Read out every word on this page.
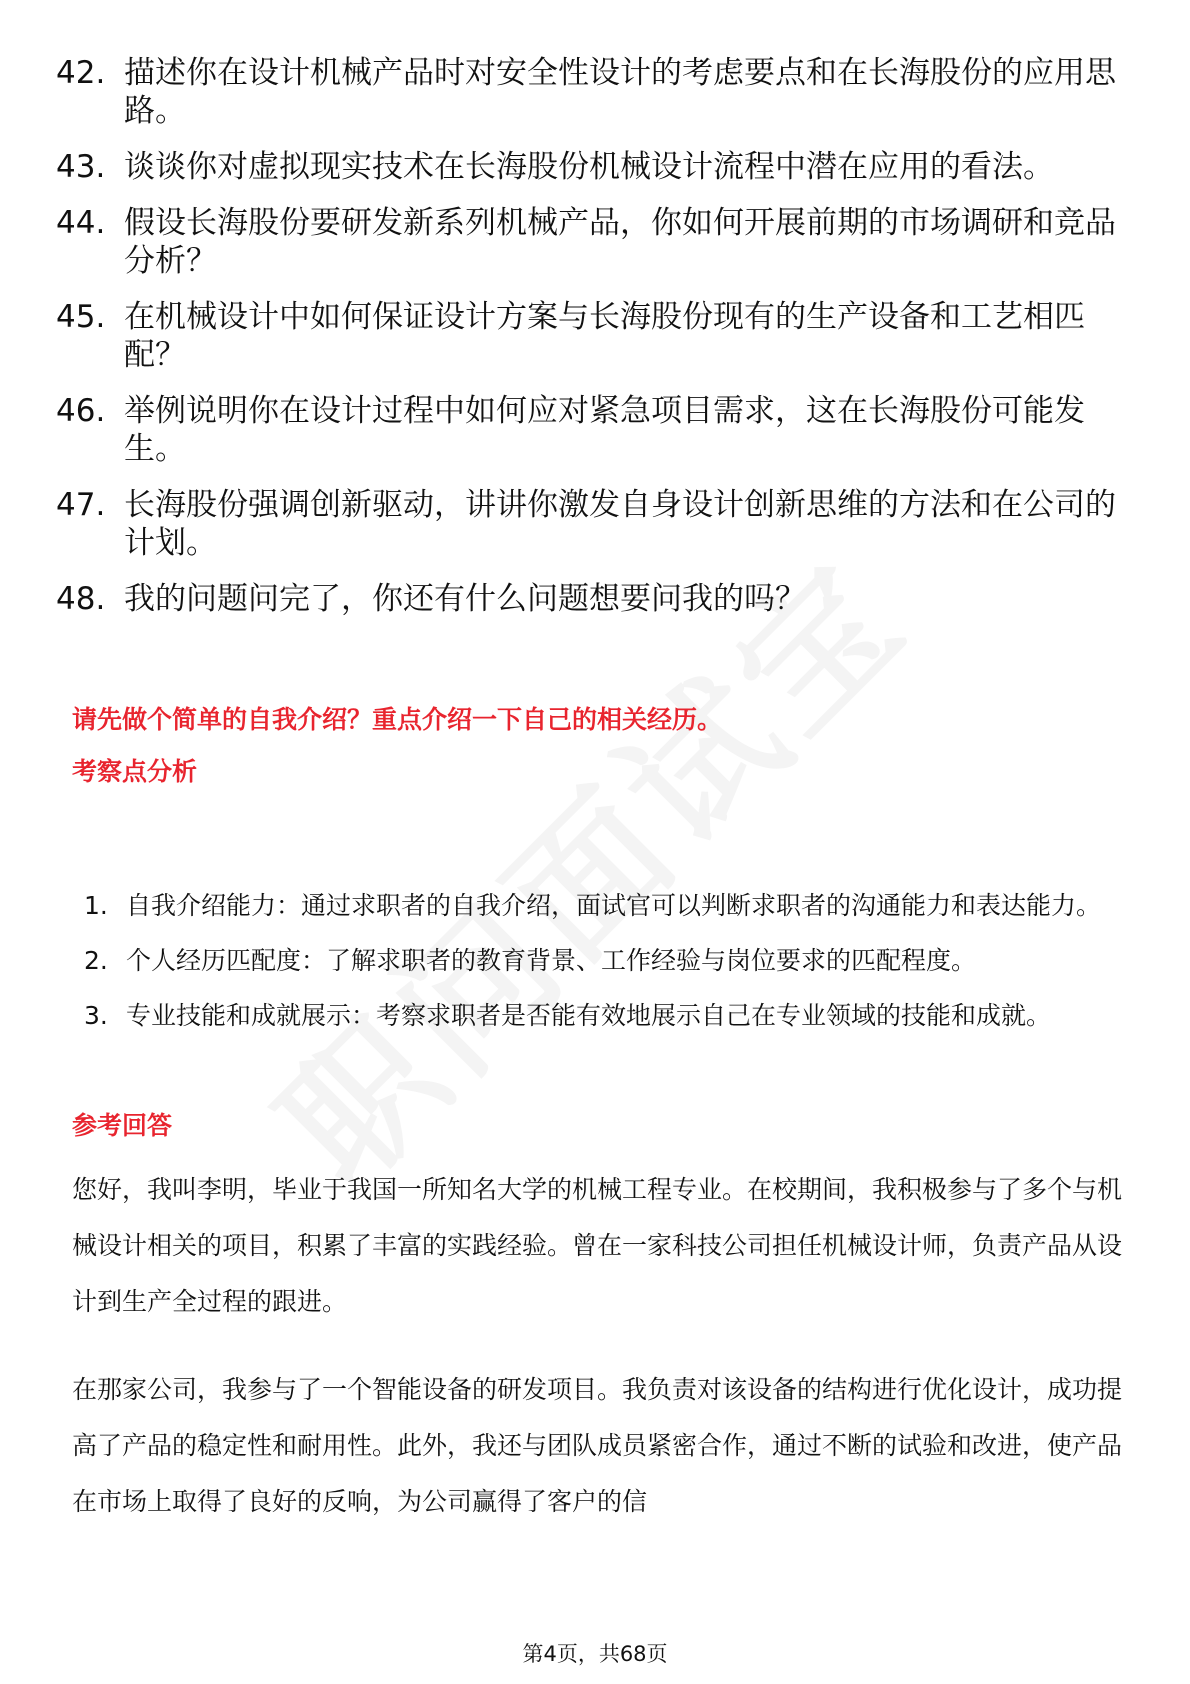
42. 描述你在设计机械产品时对安全性设计的考虑要点和在长海股份的应用思路。
43. 谈谈你对虚拟现实技术在长海股份机械设计流程中潜在应用的看法。
44. 假设长海股份要研发新系列机械产品，你如何开展前期的市场调研和竞品分析？
45. 在机械设计中如何保证设计方案与长海股份现有的生产设备和工艺相匹配？
46. 举例说明你在设计过程中如何应对紧急项目需求，这在长海股份可能发生。
47. 长海股份强调创新驱动，讲讲你激发自身设计创新思维的方法和在公司的计划。
48. 我的问题问完了，你还有什么问题想要问我的吗？
请先做个简单的自我介绍？重点介绍一下自己的相关经历。
考察点分析
1. 自我介绍能力：通过求职者的自我介绍，面试官可以判断求职者的沟通能力和表达能力。
2. 个人经历匹配度：了解求职者的教育背景、工作经验与岗位要求的匹配程度。
3. 专业技能和成就展示：考察求职者是否能有效地展示自己在专业领域的技能和成就。
参考回答
您好，我叫李明，毕业于我国一所知名大学的机械工程专业。在校期间，我积极参与了多个与机械设计相关的项目，积累了丰富的实践经验。曾在一家科技公司担任机械设计师，负责产品从设计到生产全过程的跟进。
在那家公司，我参与了一个智能设备的研发项目。我负责对该设备的结构进行优化设计，成功提高了产品的稳定性和耐用性。此外，我还与团队成员紧密合作，通过不断的试验和改进，使产品在市场上取得了良好的反响，为公司赢得了客户的信
第4页，共68页
